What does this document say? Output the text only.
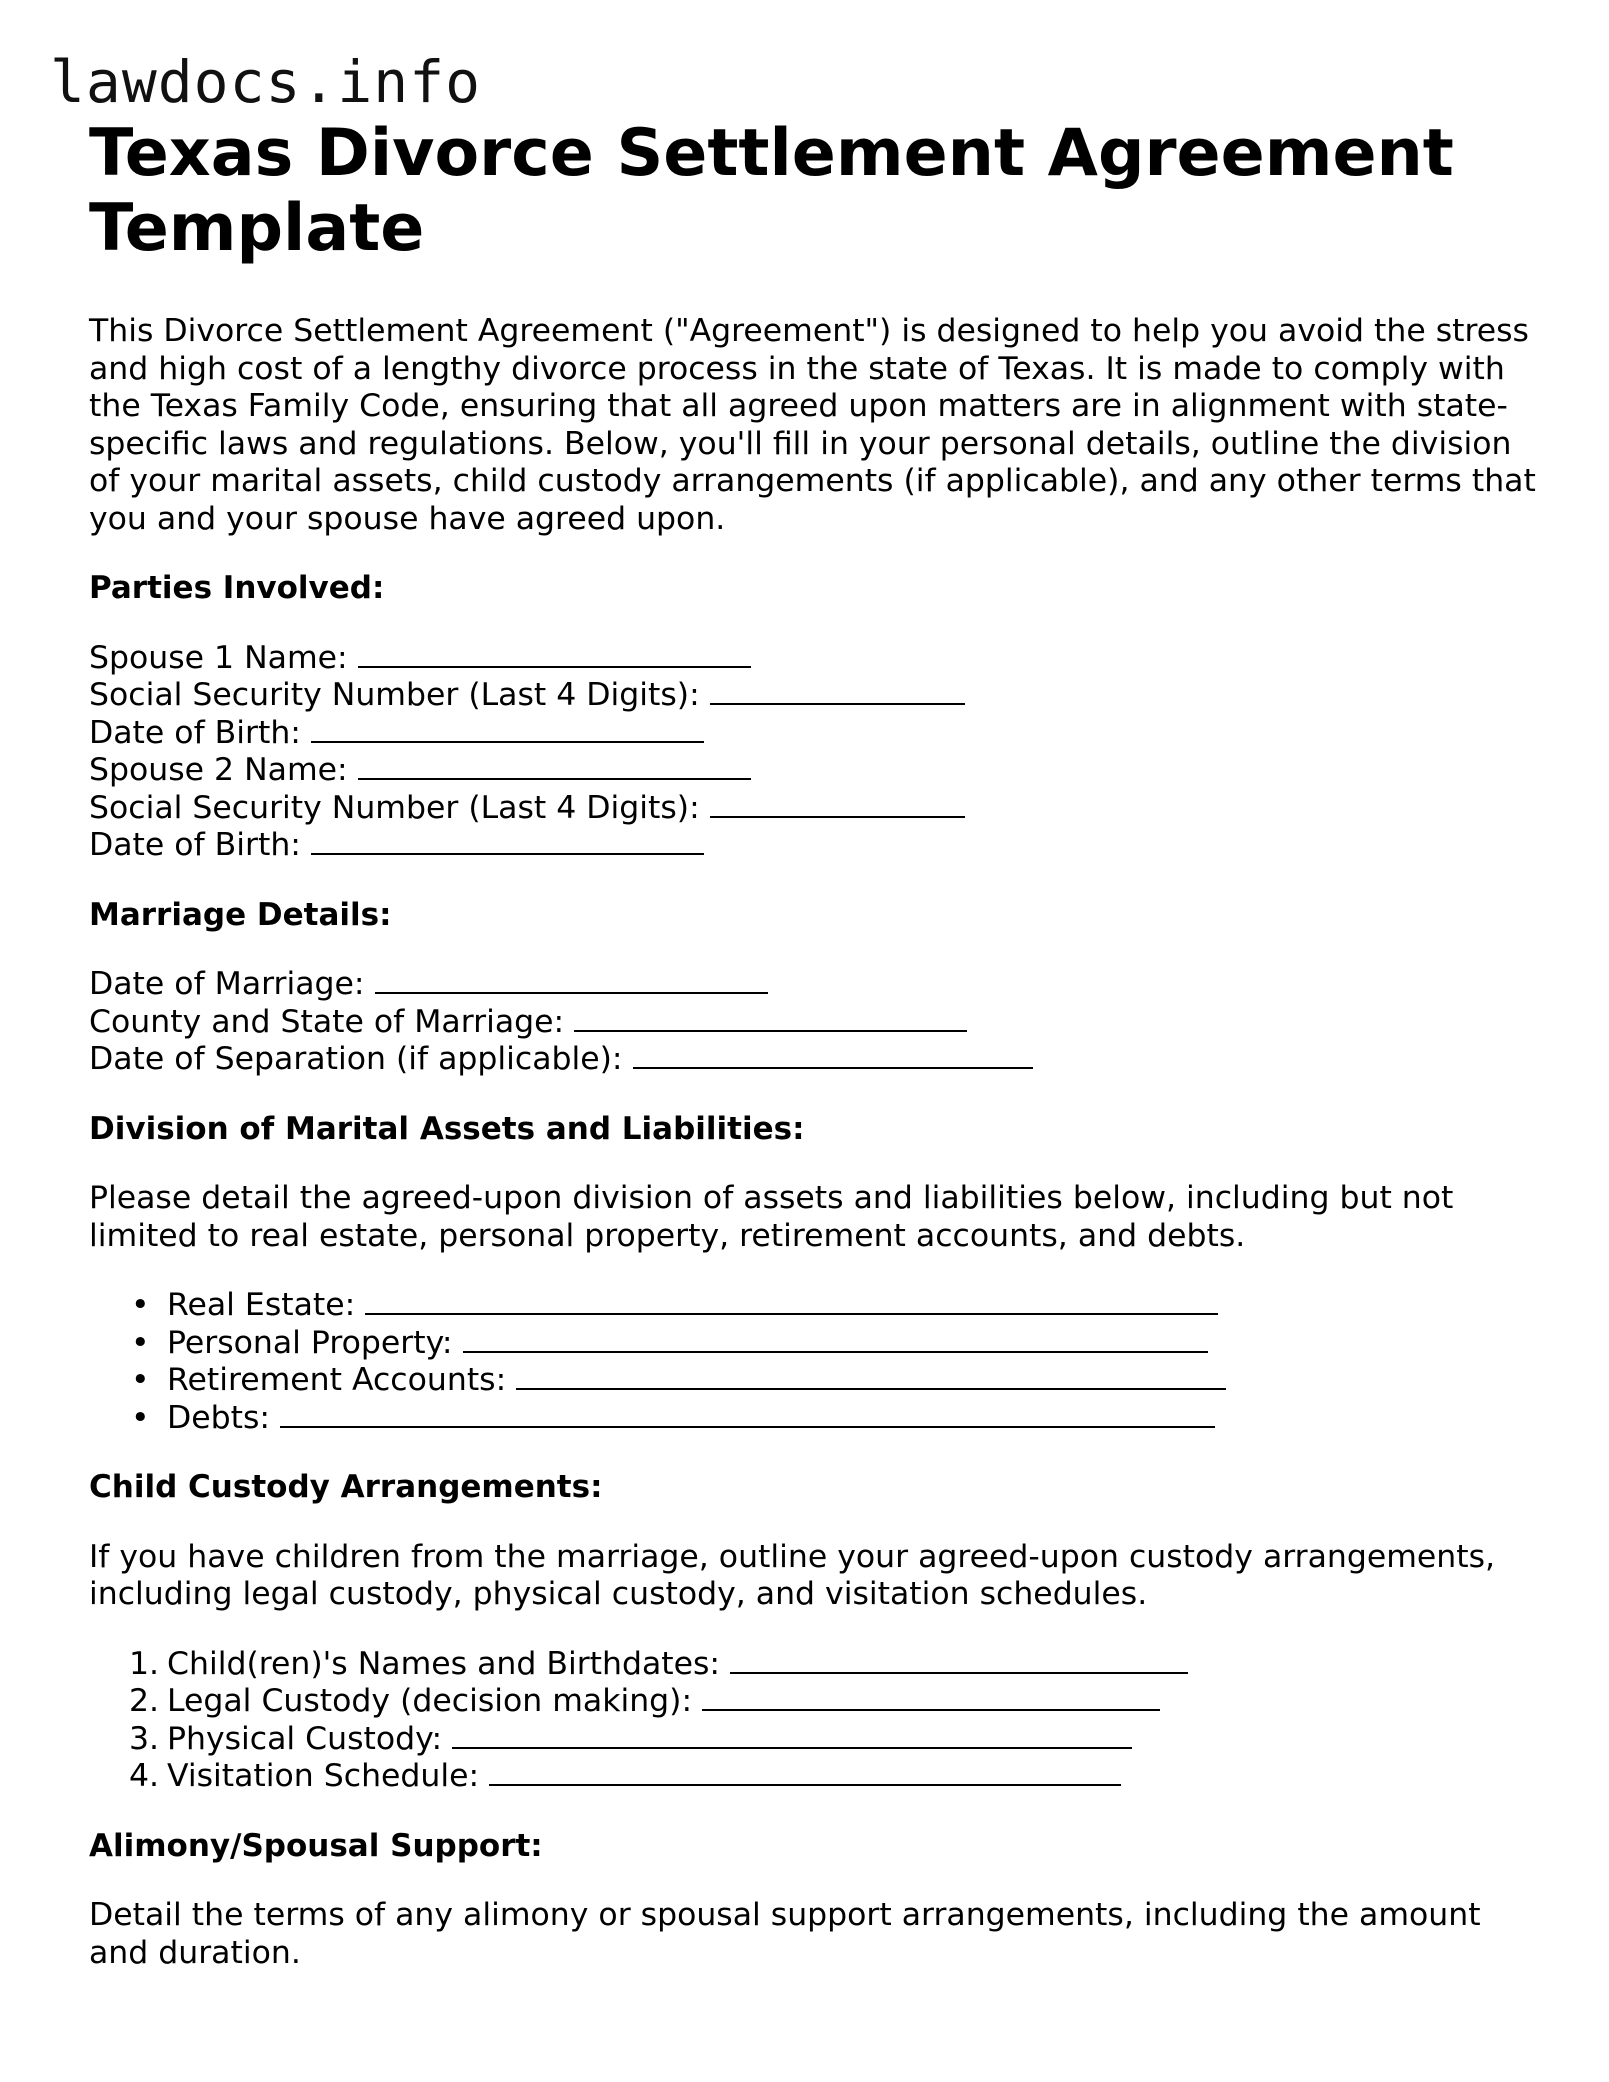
lawdocs.info
Texas Divorce Settlement Agreement Template

This Divorce Settlement Agreement ("Agreement") is designed to help you avoid the stress and high cost of a lengthy divorce process in the state of Texas. It is made to comply with the Texas Family Code, ensuring that all agreed upon matters are in alignment with state-specific laws and regulations. Below, you'll fill in your personal details, outline the division of your marital assets, child custody arrangements (if applicable), and any other terms that you and your spouse have agreed upon.

Parties Involved:
Spouse 1 Name:
Social Security Number (Last 4 Digits):
Date of Birth:
Spouse 2 Name:
Social Security Number (Last 4 Digits):
Date of Birth:
Marriage Details:
Date of Marriage:
County and State of Marriage:
Date of Separation (if applicable):
Division of Marital Assets and Liabilities:

Please detail the agreed-upon division of assets and liabilities below, including but not limited to real estate, personal property, retirement accounts, and debts.

• Real Estate:
• Personal Property:
• Retirement Accounts:
• Debts:
Child Custody Arrangements:

If you have children from the marriage, outline your agreed-upon custody arrangements, including legal custody, physical custody, and visitation schedules.

1. Child(ren)'s Names and Birthdates:
2. Legal Custody (decision making):
3. Physical Custody:
4. Visitation Schedule:
Alimony/Spousal Support:

Detail the terms of any alimony or spousal support arrangements, including the amount and duration.
